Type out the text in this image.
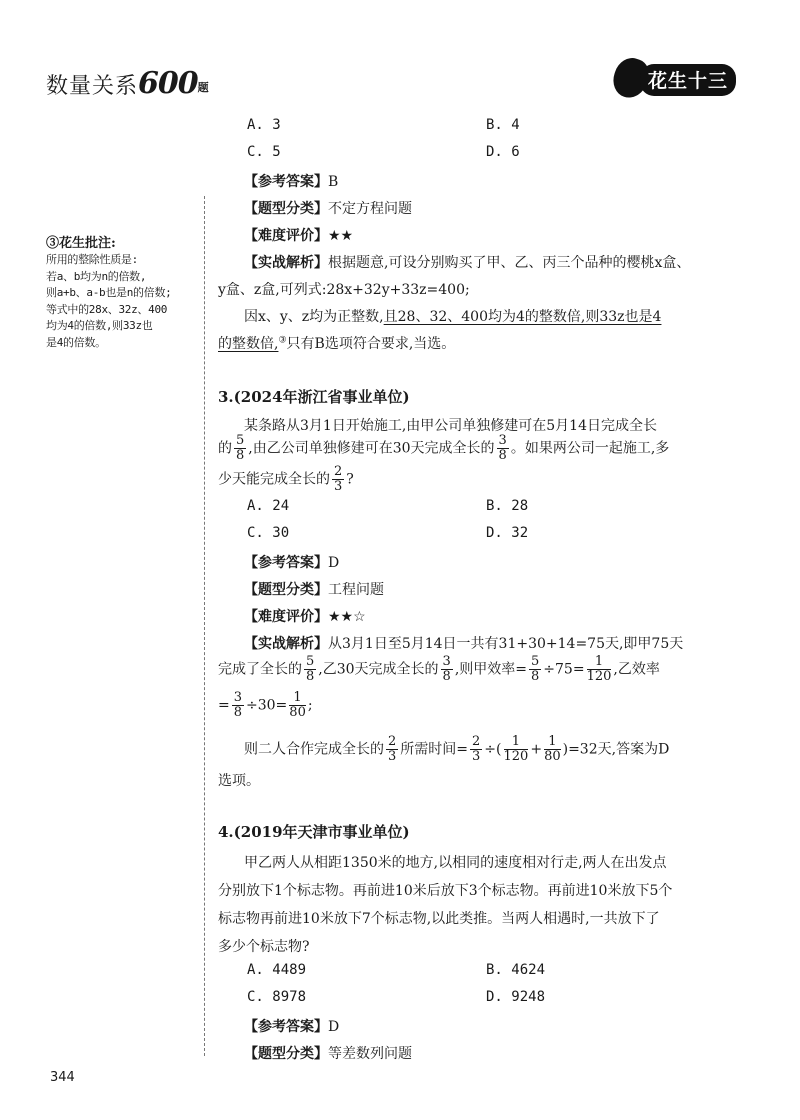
数量关系600题	花生十三
③花生批注:
所用的整除性质是:
若a、b均为n的倍数,
则a+b、a-b也是n的倍数;
等式中的28x、32z、400
均为4的倍数,则33z也
是4的倍数。
A. 3	B. 4
C. 5	D. 6
【参考答案】B
【题型分类】不定方程问题
【难度评价】★★
【实战解析】根据题意,可设分别购买了甲、乙、丙三个品种的樱桃x盒、
y盒、z盒,可列式:28x+32y+33z=400;
因x、y、z均为正整数,且28、32、400均为4的整数倍,则33z也是4
的整数倍,③只有B选项符合要求,当选。
3.(2024年浙江省事业单位)
某条路从3月1日开始施工,由甲公司单独修建可在5月14日完成全长
的 $\frac{5}{8}$ ,由乙公司单独修建可在30天完成全长的 $\frac{3}{8}$ 。如果两公司一起施工,多
少天能完成全长的 $\frac{2}{3}$ ?
A. 24	B. 28
C. 30	D. 32
【参考答案】D
【题型分类】工程问题
【难度评价】★★☆
【实战解析】从3月1日至5月14日一共有31+30+14=75天,即甲75天
完成了全长的 $\frac{5}{8}$ ,乙30天完成全长的 $\frac{3}{8}$ ,则甲效率= $\frac{5}{8} \div 75= \frac{1}{120}$ ,乙效率
= $\frac{3}{8} \div 30= \frac{1}{80}$ ;
则二人合作完成全长的 $\frac{2}{3}$ 所需时间= $\frac{2}{3}$ ÷( $\frac{1}{120} + \frac{1}{80} )=32$天,答案为D
选项。
4.(2019年天津市事业单位)
甲乙两人从相距1350米的地方,以相同的速度相对行走,两人在出发点
分别放下1个标志物。再前进10米后放下3个标志物。再前进10米放下5个
标志物再前进10米放下7个标志物,以此类推。当两人相遇时,一共放下了
多少个标志物?
A. 4489	B. 4624
C. 8978	D. 9248
【参考答案】D
【题型分类】等差数列问题
344
